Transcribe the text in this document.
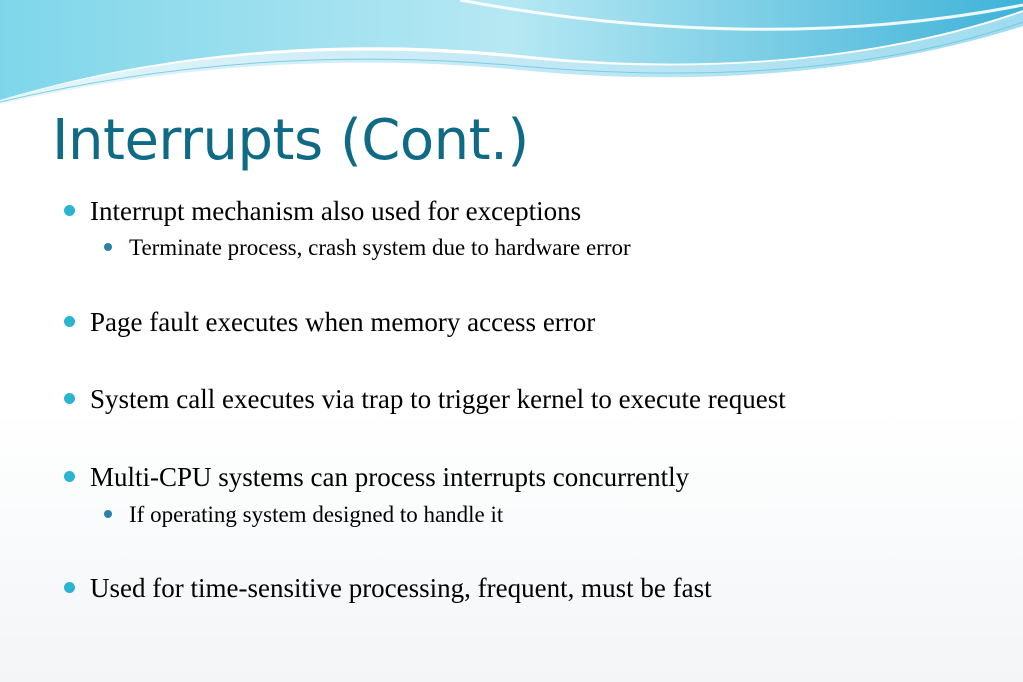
Interrupts (Cont.)
Interrupt mechanism also used for exceptions
Terminate process, crash system due to hardware error
Page fault executes when memory access error
System call executes via trap to trigger kernel to execute request
Multi-CPU systems can process interrupts concurrently
If operating system designed to handle it
Used for time-sensitive processing, frequent, must be fast
